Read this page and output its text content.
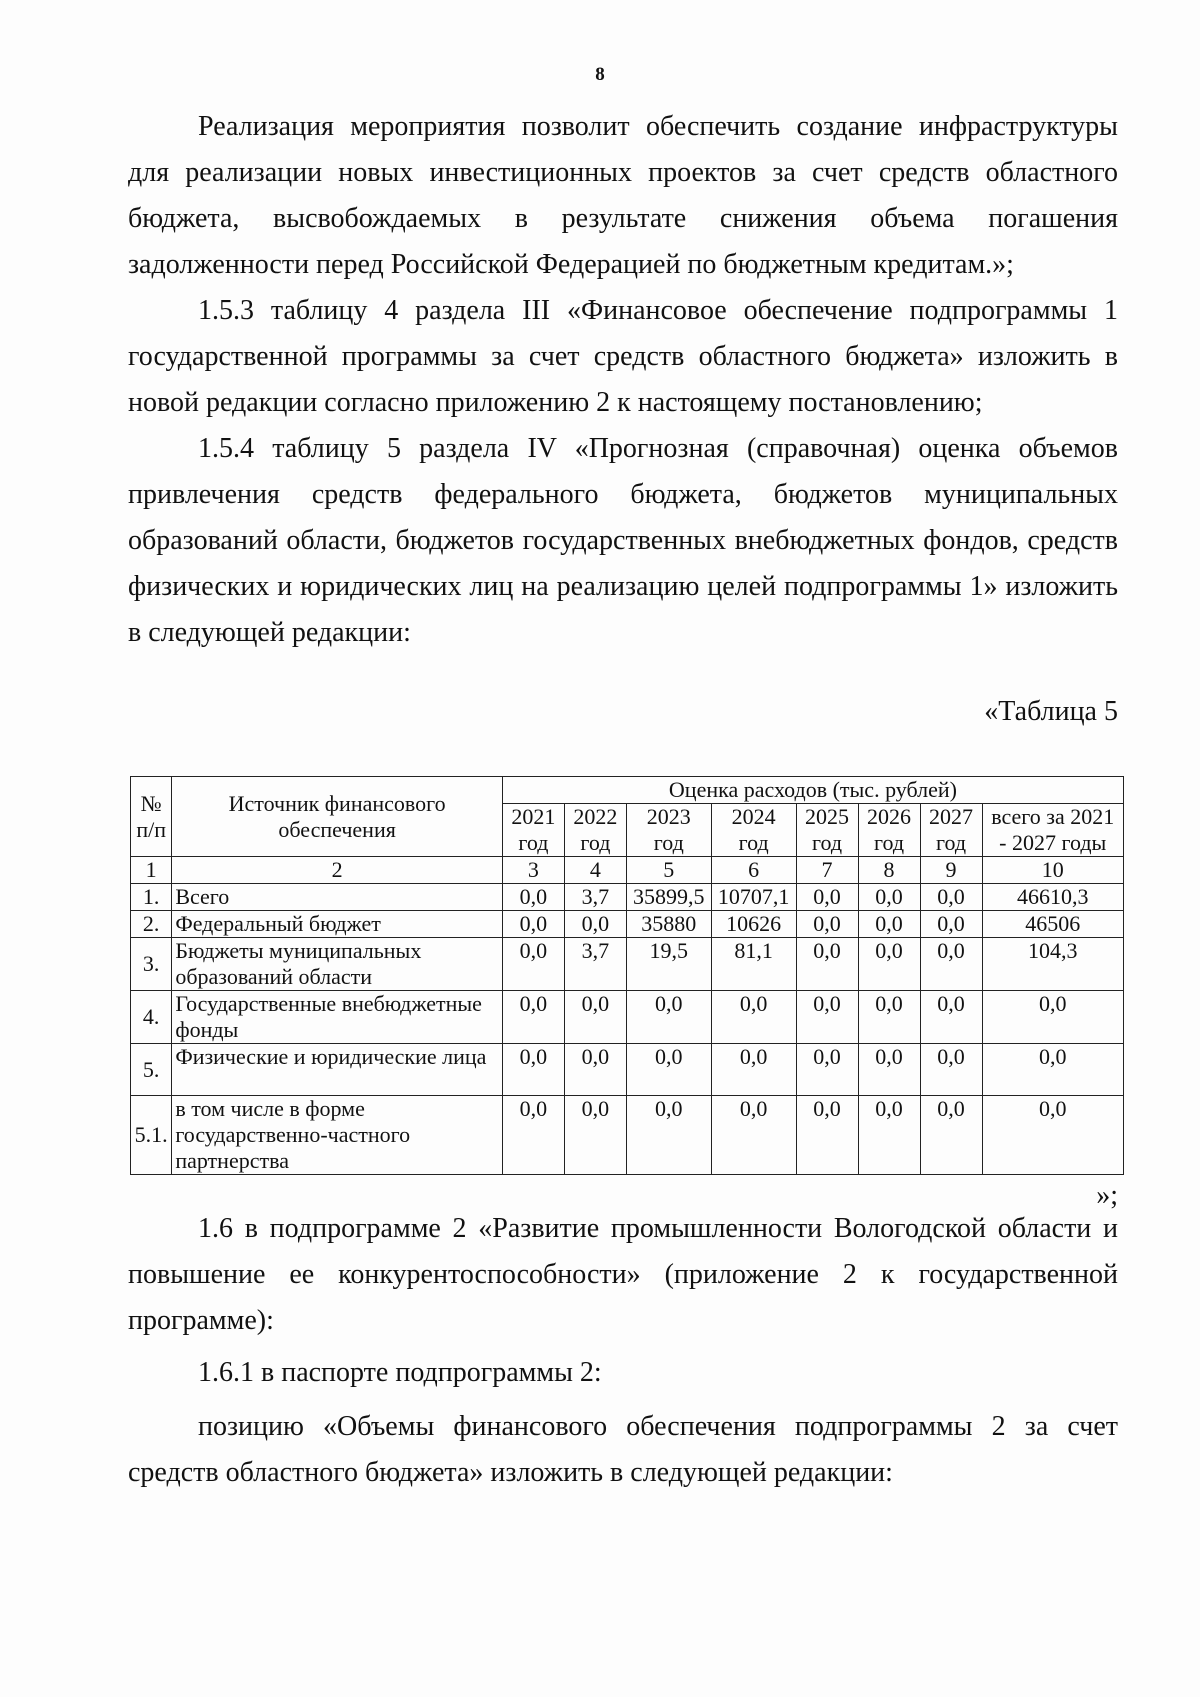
8

Реализация мероприятия позволит обеспечить создание инфраструктуры для реализации новых инвестиционных проектов за счет средств областного бюджета, высвобождаемых в результате снижения объема погашения задолженности перед Российской Федерацией по бюджетным кредитам.»;

1.5.3 таблицу 4 раздела III «Финансовое обеспечение подпрограммы 1 государственной программы за счет средств областного бюджета» изложить в новой редакции согласно приложению 2 к настоящему постановлению;

1.5.4 таблицу 5 раздела IV «Прогнозная (справочная) оценка объемов привлечения средств федерального бюджета, бюджетов муниципальных образований области, бюджетов государственных внебюджетных фондов, средств физических и юридических лиц на реализацию целей подпрограммы 1» изложить в следующей редакции:

«Таблица 5
№ п/п	Источник финансового обеспечения	Оценка расходов (тыс. рублей)							
		2021 год	2022 год	2023 год	2024 год	2025 год	2026 год	2027 год	всего за 2021 - 2027 годы
1	2	3	4	5	6	7	8	9	10
1.	Всего	0,0	3,7	35899,5	10707,1	0,0	0,0	0,0	46610,3
2.	Федеральный бюджет	0,0	0,0	35880	10626	0,0	0,0	0,0	46506
3.	Бюджеты муниципальных образований области	0,0	3,7	19,5	81,1	0,0	0,0	0,0	104,3
4.	Государственные внебюджетные фонды	0,0	0,0	0,0	0,0	0,0	0,0	0,0	0,0
5.	Физические и юридические лица	0,0	0,0	0,0	0,0	0,0	0,0	0,0	0,0
5.1.	в том числе в форме государственно-частного партнерства	0,0	0,0	0,0	0,0	0,0	0,0	0,0	0,0
»;

1.6 в подпрограмме 2 «Развитие промышленности Вологодской области и повышение ее конкурентоспособности» (приложение 2 к государственной программе):

1.6.1 в паспорте подпрограммы 2:

позицию «Объемы финансового обеспечения подпрограммы 2 за счет средств областного бюджета» изложить в следующей редакции:
